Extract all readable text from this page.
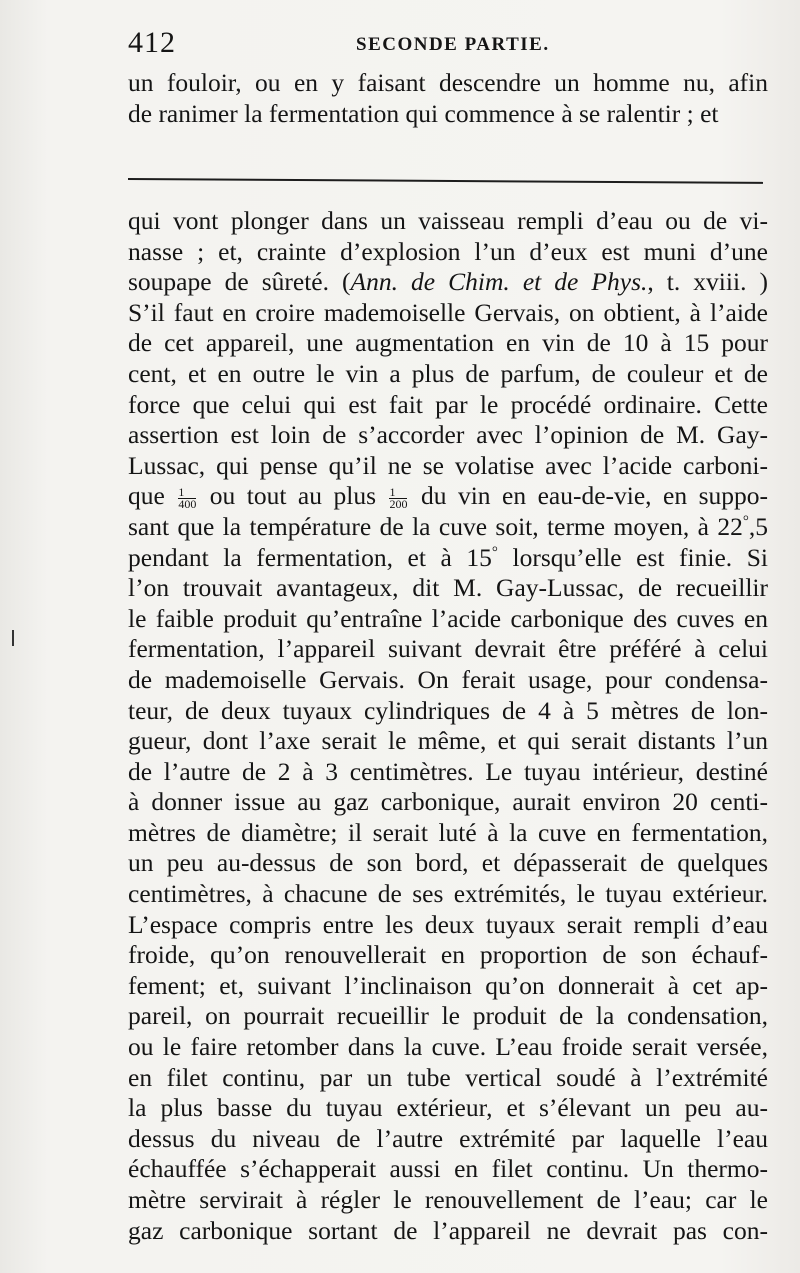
412	SECONDE PARTIE.
un fouloir, ou en y faisant descendre un homme nu, afin
de ranimer la fermentation qui commence à se ralentir ; et
qui vont plonger dans un vaisseau rempli d’eau ou de vi-
nasse ; et, crainte d’explosion l’un d’eux est muni d’une
soupape de sûreté. (Ann. de Chim. et de Phys., t. xviii. )
S’il faut en croire mademoiselle Gervais, on obtient, à l’aide
de cet appareil, une augmentation en vin de 10 à 15 pour
cent, et en outre le vin a plus de parfum, de couleur et de
force que celui qui est fait par le procédé ordinaire. Cette
assertion est loin de s’accorder avec l’opinion de M. Gay-
Lussac, qui pense qu’il ne se volatise avec l’acide carboni-
que $\frac{1}{400}$ ou tout au plus $\frac{1}{200}$ du vin en eau-de-vie, en suppo-
sant que la température de la cuve soit, terme moyen, à 22°,5
pendant la fermentation, et à 15° lorsqu’elle est finie. Si
l’on trouvait avantageux, dit M. Gay-Lussac, de recueillir
le faible produit qu’entraîne l’acide carbonique des cuves en
fermentation, l’appareil suivant devrait être préféré à celui
de mademoiselle Gervais. On ferait usage, pour condensa-
teur, de deux tuyaux cylindriques de 4 à 5 mètres de lon-
gueur, dont l’axe serait le même, et qui serait distants l’un
de l’autre de 2 à 3 centimètres. Le tuyau intérieur, destiné
à donner issue au gaz carbonique, aurait environ 20 centi-
mètres de diamètre; il serait luté à la cuve en fermentation,
un peu au-dessus de son bord, et dépasserait de quelques
centimètres, à chacune de ses extrémités, le tuyau extérieur.
L’espace compris entre les deux tuyaux serait rempli d’eau
froide, qu’on renouvellerait en proportion de son échauf-
fement; et, suivant l’inclinaison qu’on donnerait à cet ap-
pareil, on pourrait recueillir le produit de la condensation,
ou le faire retomber dans la cuve. L’eau froide serait versée,
en filet continu, par un tube vertical soudé à l’extrémité
la plus basse du tuyau extérieur, et s’élevant un peu au-
dessus du niveau de l’autre extrémité par laquelle l’eau
échauffée s’échapperait aussi en filet continu. Un thermo-
mètre servirait à régler le renouvellement de l’eau; car le
gaz carbonique sortant de l’appareil ne devrait pas con-
